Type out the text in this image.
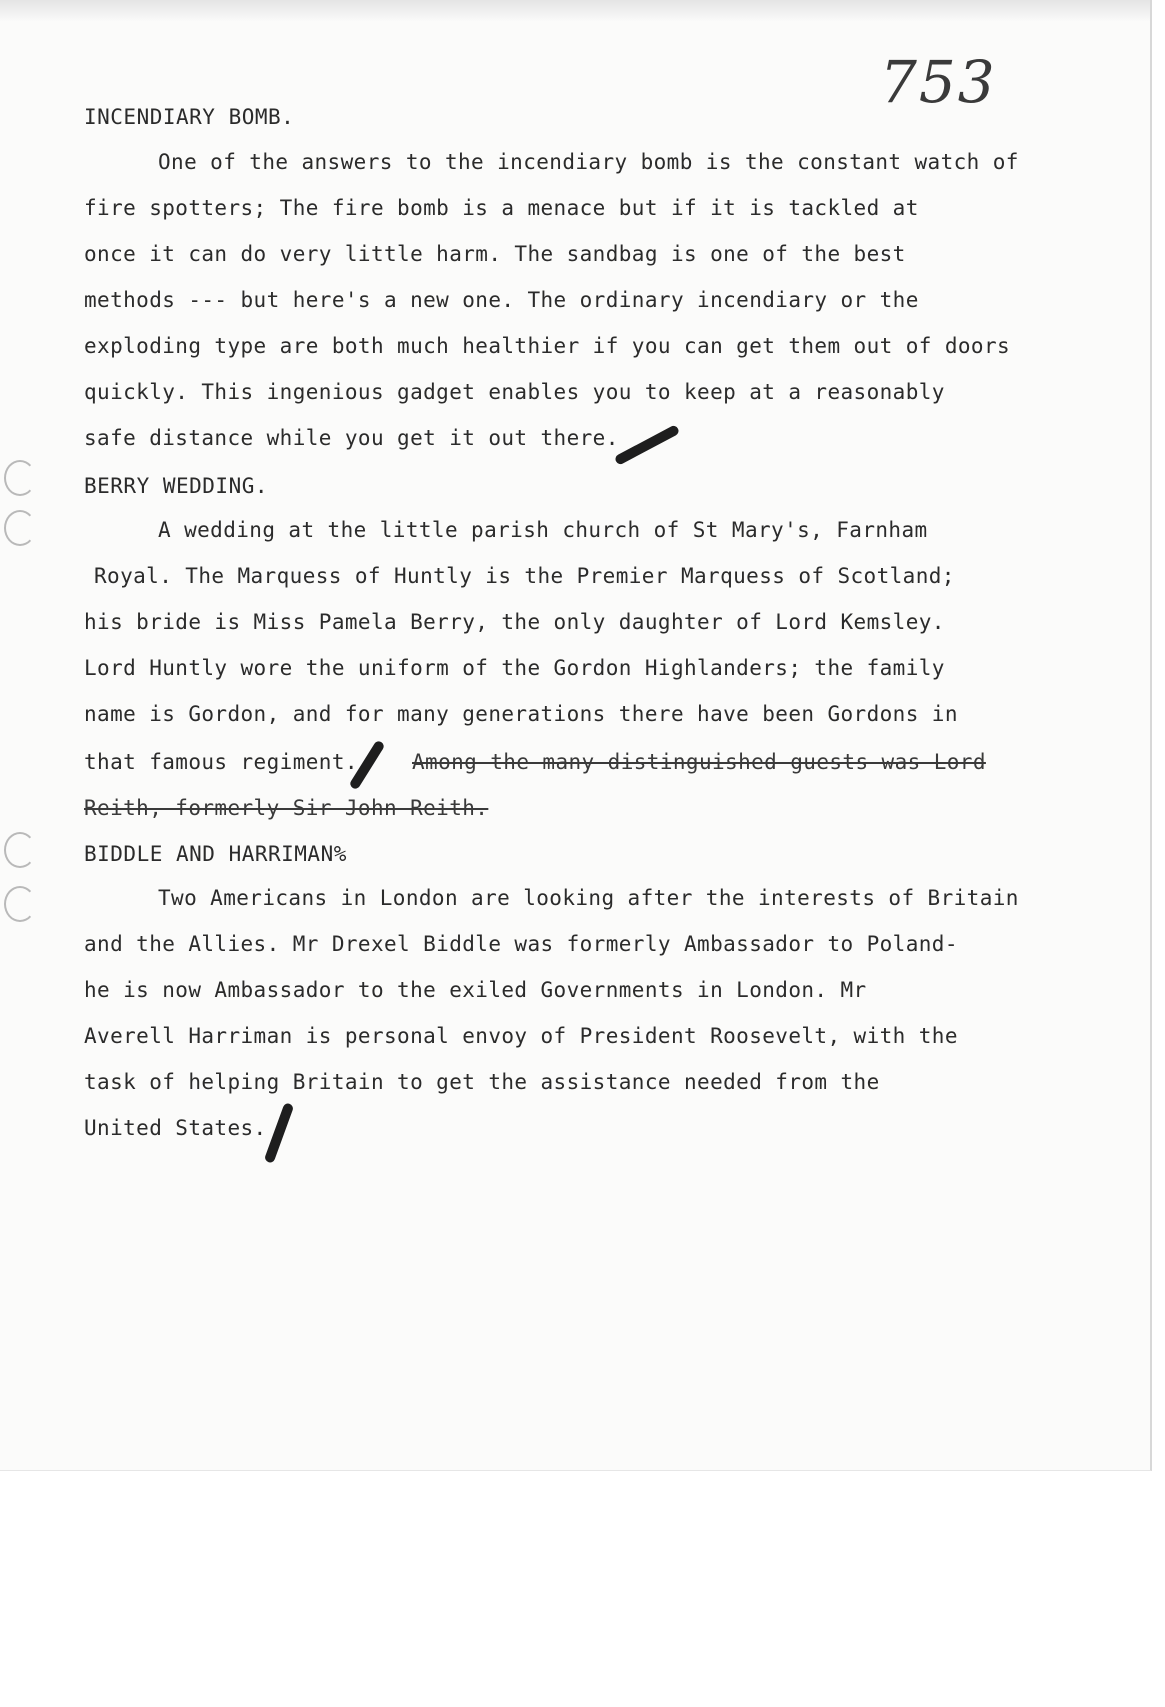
753
INCENDIARY BOMB.
One of the answers to the incendiary bomb is the constant watch of
fire spotters; The fire bomb is a menace but if it is tackled at
once it can do very little harm. The sandbag is one of the best
methods --- but here's a new one. The ordinary incendiary or the
exploding type are both much healthier if you can get them out of doors
quickly. This ingenious gadget enables you to keep at a reasonably
safe distance while you get it out there.
BERRY WEDDING.
A wedding at the little parish church of St Mary's, Farnham
Royal. The Marquess of Huntly is the Premier Marquess of Scotland;
his bride is Miss Pamela Berry, the only daughter of Lord Kemsley.
Lord Huntly wore the uniform of the Gordon Highlanders; the family
name is Gordon, and for many generations there have been Gordons in
that famous regiment.	Among the many distinguished guests was Lord
Reith, formerly Sir John Reith.
BIDDLE AND HARRIMAN%
Two Americans in London are looking after the interests of Britain
and the Allies. Mr Drexel Biddle was formerly Ambassador to Poland-
he is now Ambassador to the exiled Governments in London. Mr
Averell Harriman is personal envoy of President Roosevelt, with the
task of helping Britain to get the assistance needed from the
United States.
